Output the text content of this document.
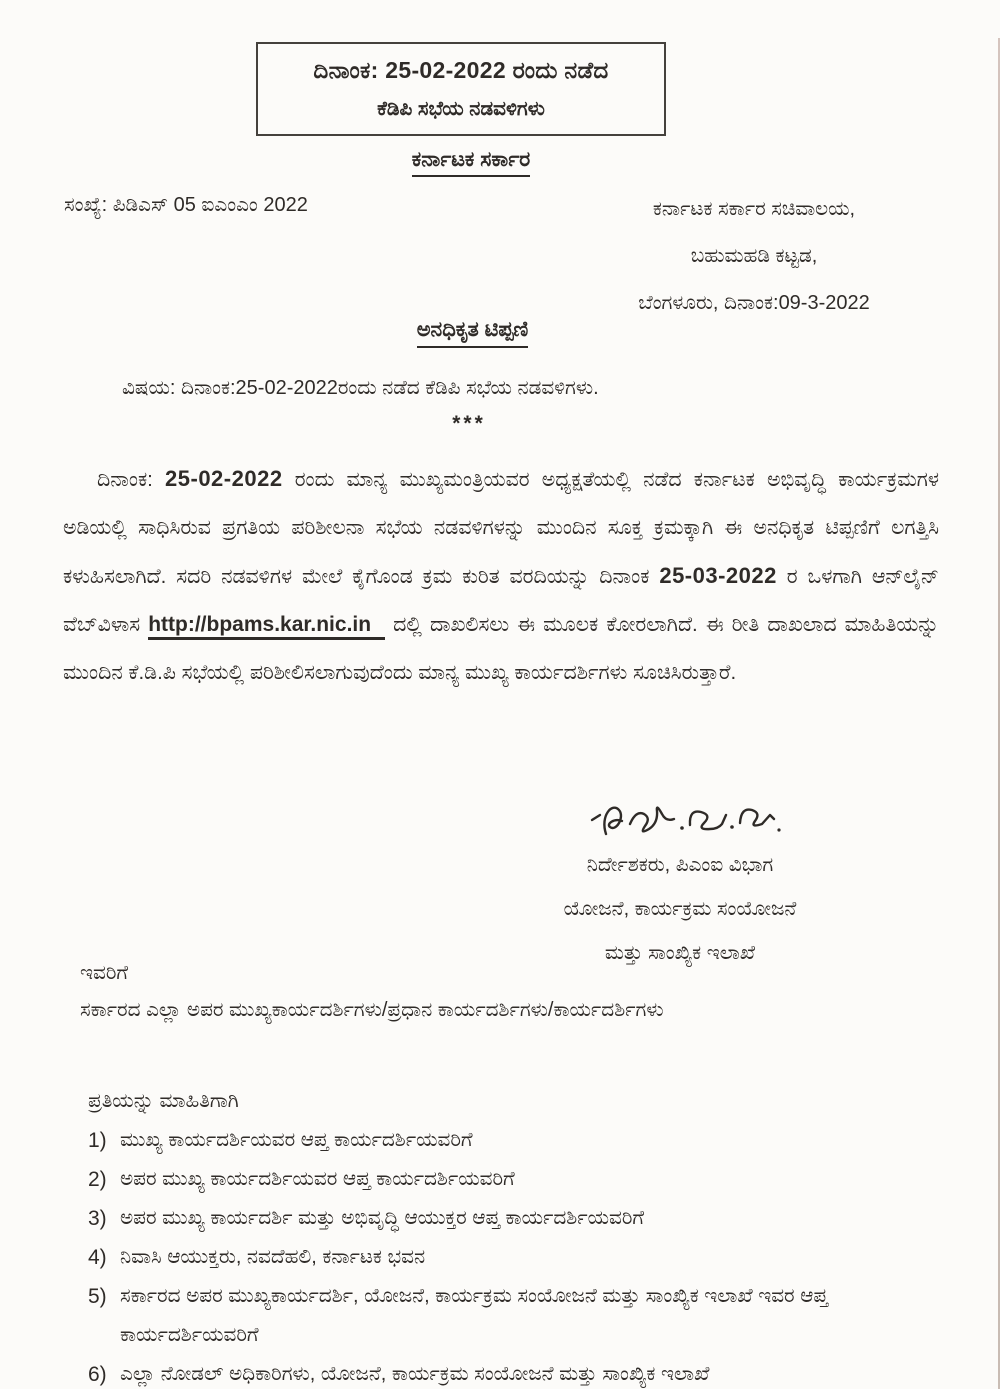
ದಿನಾಂಕ: 25-02-2022 ರಂದು ನಡೆದ
ಕೆಡಿಪಿ ಸಭೆಯ ನಡವಳಿಗಳು
ಕರ್ನಾಟಕ ಸರ್ಕಾರ
ಸಂಖ್ಯೆ: ಪಿಡಿಎಸ್ 05 ಐಎಂಎಂ 2022	ಕರ್ನಾಟಕ ಸರ್ಕಾರ ಸಚಿವಾಲಯ,
ಬಹುಮಹಡಿ ಕಟ್ಟಡ,
ಬೆಂಗಳೂರು, ದಿನಾಂಕ:09-3-2022
ಅನಧಿಕೃತ ಟಿಪ್ಪಣಿ
ವಿಷಯ: ದಿನಾಂಕ:25-02-2022ರಂದು ನಡೆದ ಕೆಡಿಪಿ ಸಭೆಯ ನಡವಳಿಗಳು.
***
ದಿನಾಂಕ: 25-02-2022 ರಂದು ಮಾನ್ಯ ಮುಖ್ಯಮಂತ್ರಿಯವರ ಅಧ್ಯಕ್ಷತೆಯಲ್ಲಿ ನಡೆದ ಕರ್ನಾಟಕ ಅಭಿವೃದ್ಧಿ ಕಾರ್ಯಕ್ರಮಗಳ ಅಡಿಯಲ್ಲಿ ಸಾಧಿಸಿರುವ ಪ್ರಗತಿಯ ಪರಿಶೀಲನಾ ಸಭೆಯ ನಡವಳಿಗಳನ್ನು ಮುಂದಿನ ಸೂಕ್ತ ಕ್ರಮಕ್ಕಾಗಿ ಈ ಅನಧಿಕೃತ ಟಿಪ್ಪಣಿಗೆ ಲಗತ್ತಿಸಿ ಕಳುಹಿಸಲಾಗಿದೆ. ಸದರಿ ನಡವಳಿಗಳ ಮೇಲೆ ಕೈಗೊಂಡ ಕ್ರಮ ಕುರಿತ ವರದಿಯನ್ನು ದಿನಾಂಕ 25-03-2022 ರ ಒಳಗಾಗಿ ಆನ್‌ಲೈನ್ ವೆಬ್‌ವಿಳಾಸ http://bpams.kar.nic.in ದಲ್ಲಿ ದಾಖಲಿಸಲು ಈ ಮೂಲಕ ಕೋರಲಾಗಿದೆ. ಈ ರೀತಿ ದಾಖಲಾದ ಮಾಹಿತಿಯನ್ನು ಮುಂದಿನ ಕೆ.ಡಿ.ಪಿ ಸಭೆಯಲ್ಲಿ ಪರಿಶೀಲಿಸಲಾಗುವುದೆಂದು ಮಾನ್ಯ ಮುಖ್ಯ ಕಾರ್ಯದರ್ಶಿಗಳು ಸೂಚಿಸಿರುತ್ತಾರೆ.
ನಿರ್ದೇಶಕರು, ಪಿಎಂಐ ವಿಭಾಗ
ಯೋಜನೆ, ಕಾರ್ಯಕ್ರಮ ಸಂಯೋಜನೆ
ಮತ್ತು ಸಾಂಖ್ಯಿಕ ಇಲಾಖೆ
ಇವರಿಗೆ
ಸರ್ಕಾರದ ಎಲ್ಲಾ ಅಪರ ಮುಖ್ಯಕಾರ್ಯದರ್ಶಿಗಳು/ಪ್ರಧಾನ ಕಾರ್ಯದರ್ಶಿಗಳು/ಕಾರ್ಯದರ್ಶಿಗಳು
ಪ್ರತಿಯನ್ನು ಮಾಹಿತಿಗಾಗಿ
1) ಮುಖ್ಯ ಕಾರ್ಯದರ್ಶಿಯವರ ಆಪ್ತ ಕಾರ್ಯದರ್ಶಿಯವರಿಗೆ
2) ಅಪರ ಮುಖ್ಯ ಕಾರ್ಯದರ್ಶಿಯವರ ಆಪ್ತ ಕಾರ್ಯದರ್ಶಿಯವರಿಗೆ
3) ಅಪರ ಮುಖ್ಯ ಕಾರ್ಯದರ್ಶಿ ಮತ್ತು ಅಭಿವೃದ್ಧಿ ಆಯುಕ್ತರ ಆಪ್ತ ಕಾರ್ಯದರ್ಶಿಯವರಿಗೆ
4) ನಿವಾಸಿ ಆಯುಕ್ತರು, ನವದೆಹಲಿ, ಕರ್ನಾಟಕ ಭವನ
5) ಸರ್ಕಾರದ ಅಪರ ಮುಖ್ಯಕಾರ್ಯದರ್ಶಿ, ಯೋಜನೆ, ಕಾರ್ಯಕ್ರಮ ಸಂಯೋಜನೆ ಮತ್ತು ಸಾಂಖ್ಯಿಕ ಇಲಾಖೆ ಇವರ ಆಪ್ತ ಕಾರ್ಯದರ್ಶಿಯವರಿಗೆ
6) ಎಲ್ಲಾ ನೋಡಲ್ ಅಧಿಕಾರಿಗಳು, ಯೋಜನೆ, ಕಾರ್ಯಕ್ರಮ ಸಂಯೋಜನೆ ಮತ್ತು ಸಾಂಖ್ಯಿಕ ಇಲಾಖೆ
